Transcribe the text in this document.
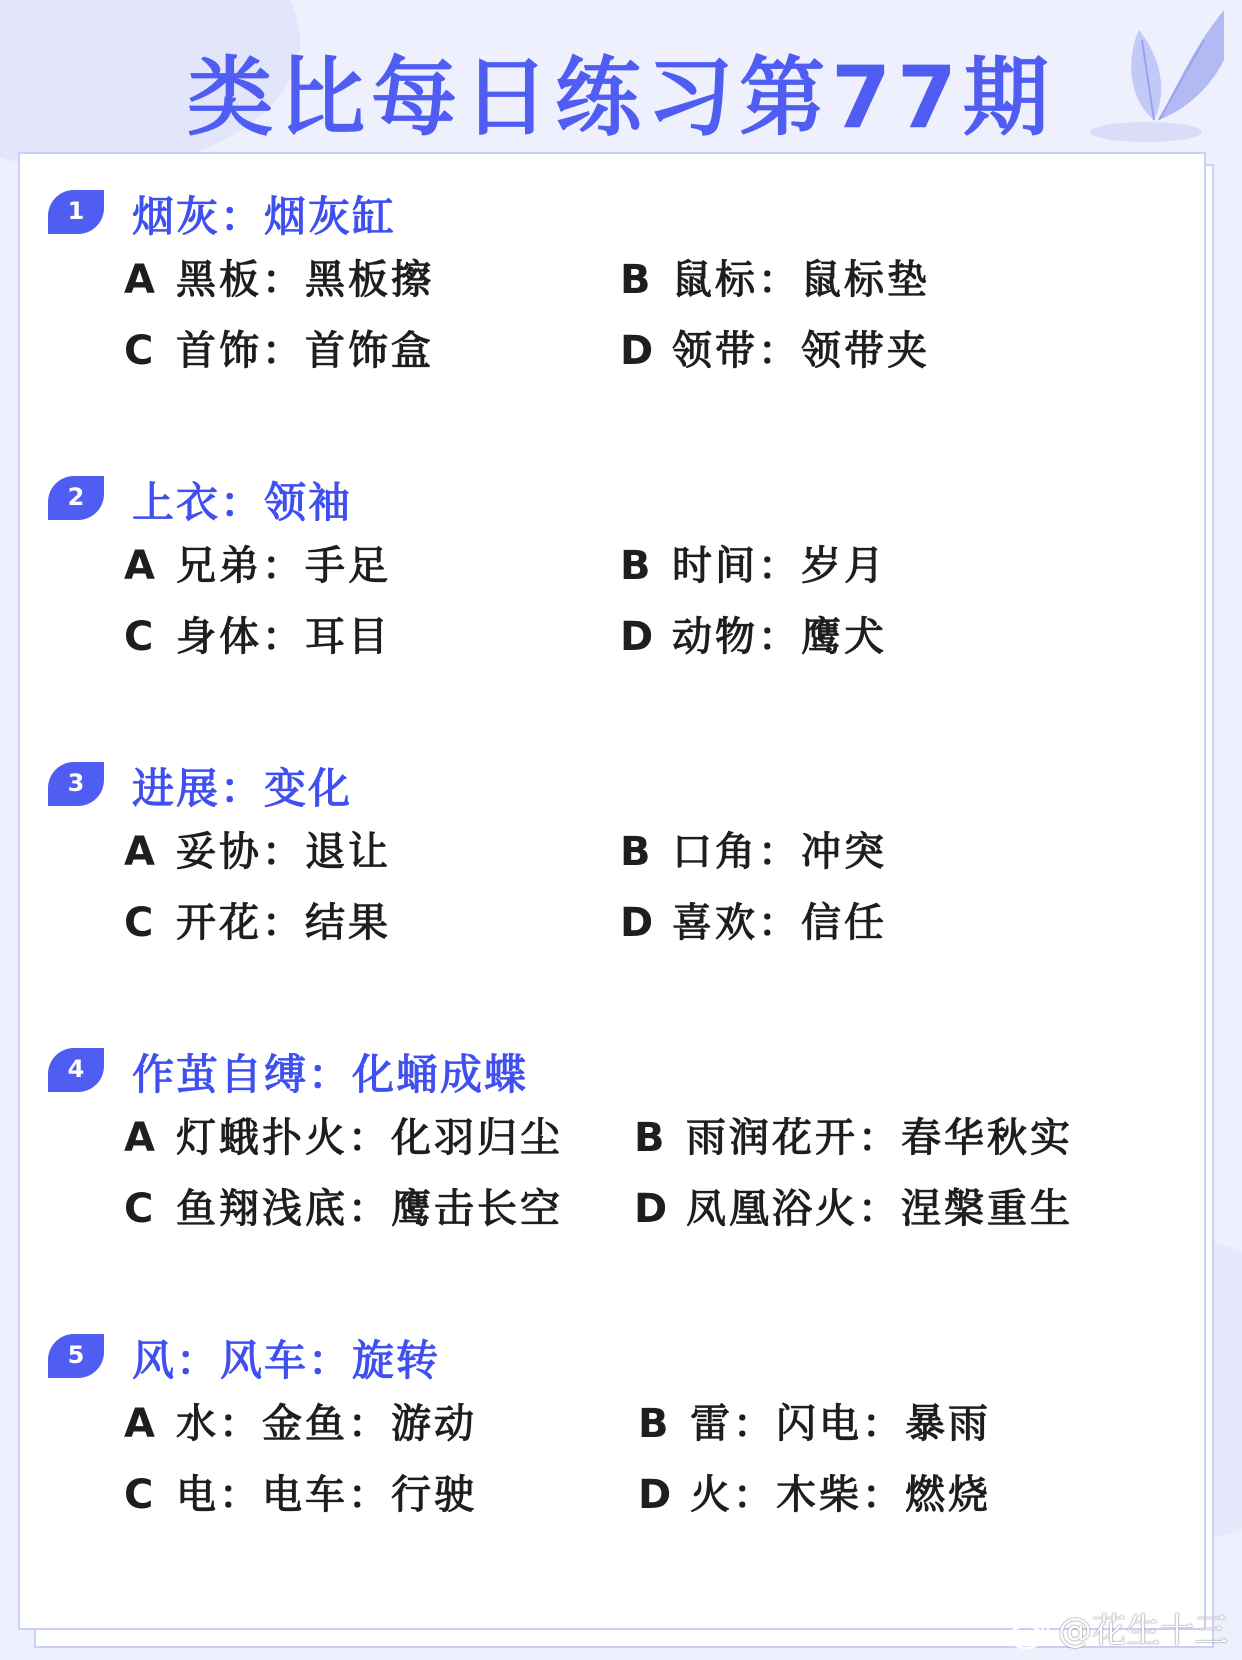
类比每日练习第77期
1	烟灰：烟灰缸
A 黑板：黑板擦	B 鼠标：鼠标垫
C 首饰：首饰盒	D 领带：领带夹
2	上衣：领袖
A 兄弟：手足	B 时间：岁月
C 身体：耳目	D 动物：鹰犬
3	进展：变化
A 妥协：退让	B 口角：冲突
C 开花：结果	D 喜欢：信任
4	作茧自缚：化蛹成蝶
A 灯蛾扑火：化羽归尘 B 雨润花开：春华秋实
C 鱼翔浅底：鹰击长空 D 凤凰浴火：涅槃重生
5	风：风车：旋转
A 水：金鱼：游动	B 雷：闪电：暴雨
C 电：电车：行驶	D 火：木柴：燃烧
@花生十三
